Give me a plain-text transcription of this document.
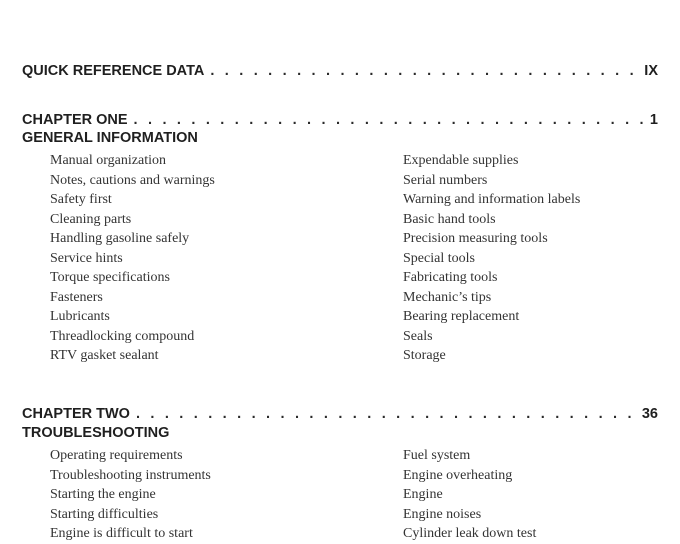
QUICK REFERENCE DATA . . .	IX
CHAPTER ONE . . .	1
GENERAL INFORMATION
Manual organization
Notes, cautions and warnings
Safety first
Cleaning parts
Handling gasoline safely
Service hints
Torque specifications
Fasteners
Lubricants
Threadlocking compound
RTV gasket sealant
Expendable supplies
Serial numbers
Warning and information labels
Basic hand tools
Precision measuring tools
Special tools
Fabricating tools
Mechanic’s tips
Bearing replacement
Seals
Storage
CHAPTER TWO . . .	36
TROUBLESHOOTING
Operating requirements
Troubleshooting instruments
Starting the engine
Starting difficulties
Engine is difficult to start
Fuel system
Engine overheating
Engine
Engine noises
Cylinder leak down test
